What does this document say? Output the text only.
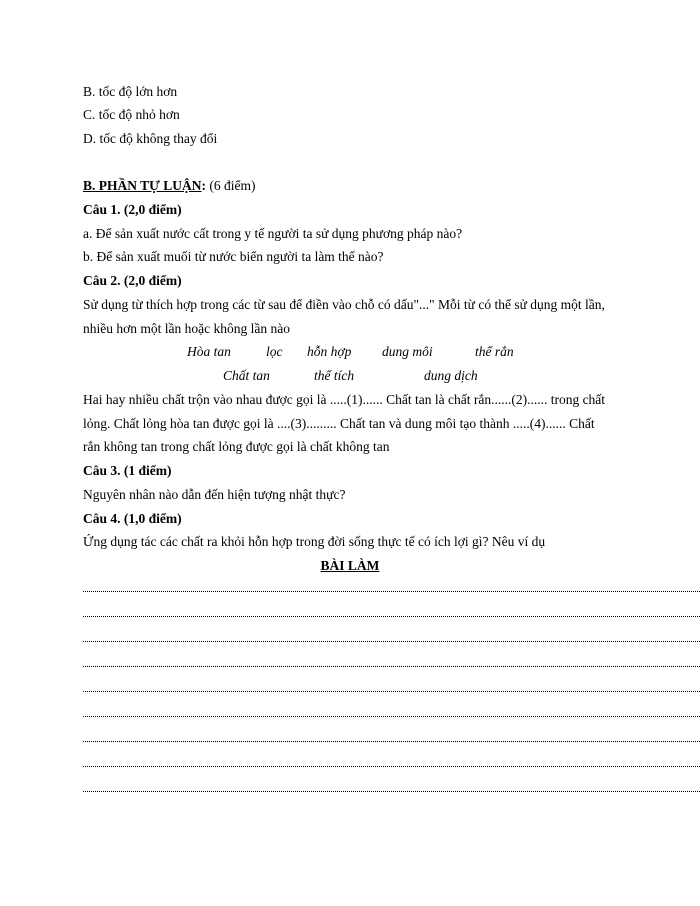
B. tốc độ lớn hơn
C. tốc độ nhỏ hơn
D. tốc độ không thay đổi
B. PHẦN TỰ LUẬN: (6 điểm)
Câu 1. (2,0 điểm)
a. Để sản xuất nước cất trong y tế người ta sử dụng phương pháp nào?
b. Để sản xuất muối từ nước biển người ta làm thế nào?
Câu 2. (2,0 điểm)
Sử dụng từ thích hợp trong các từ sau để điền vào chỗ có dấu"..." Mỗi từ có thể sử dụng một lần,
nhiều hơn một lần hoặc không lần nào
Hòa tan	lọc hỗn hợp dung môi	thể rắn
Chất tan	thể tích	dung dịch
Hai hay nhiều chất trộn vào nhau được gọi là .....(1)...... Chất tan là chất rắn......(2)...... trong chất
lỏng. Chất lỏng hòa tan được gọi là ....(3)......... Chất tan và dung môi tạo thành .....(4)...... Chất
rắn không tan trong chất lỏng được gọi là chất không tan
Câu 3. (1 điểm)
Nguyên nhân nào dẫn đến hiện tượng nhật thực?
Câu 4. (1,0 điểm)
Ứng dụng tác các chất ra khỏi hỗn hợp trong đời sống thực tế có ích lợi gì? Nêu ví dụ
BÀI LÀM
